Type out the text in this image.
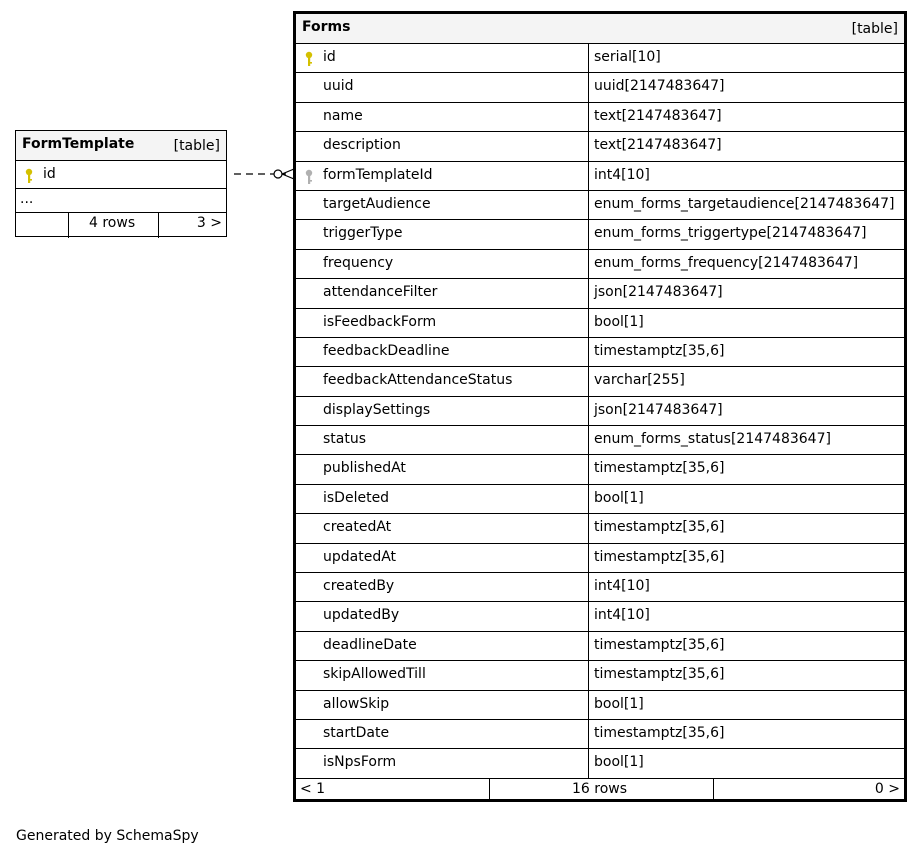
FormTemplate	[table]
id
...
4 rows	3 >
Forms	[table]
id	serial[10]
uuid	uuid[2147483647]
name	text[2147483647]
description	text[2147483647]
formTemplateId	int4[10]
targetAudience	enum_forms_targetaudience[2147483647]
triggerType	enum_forms_triggertype[2147483647]
frequency	enum_forms_frequency[2147483647]
attendanceFilter	json[2147483647]
isFeedbackForm	bool[1]
feedbackDeadline	timestamptz[35,6]
feedbackAttendanceStatus	varchar[255]
displaySettings	json[2147483647]
status	enum_forms_status[2147483647]
publishedAt	timestamptz[35,6]
isDeleted	bool[1]
createdAt	timestamptz[35,6]
updatedAt	timestamptz[35,6]
createdBy	int4[10]
updatedBy	int4[10]
deadlineDate	timestamptz[35,6]
skipAllowedTill	timestamptz[35,6]
allowSkip	bool[1]
startDate	timestamptz[35,6]
isNpsForm	bool[1]
< 1	16 rows	0 >
Generated by SchemaSpy
